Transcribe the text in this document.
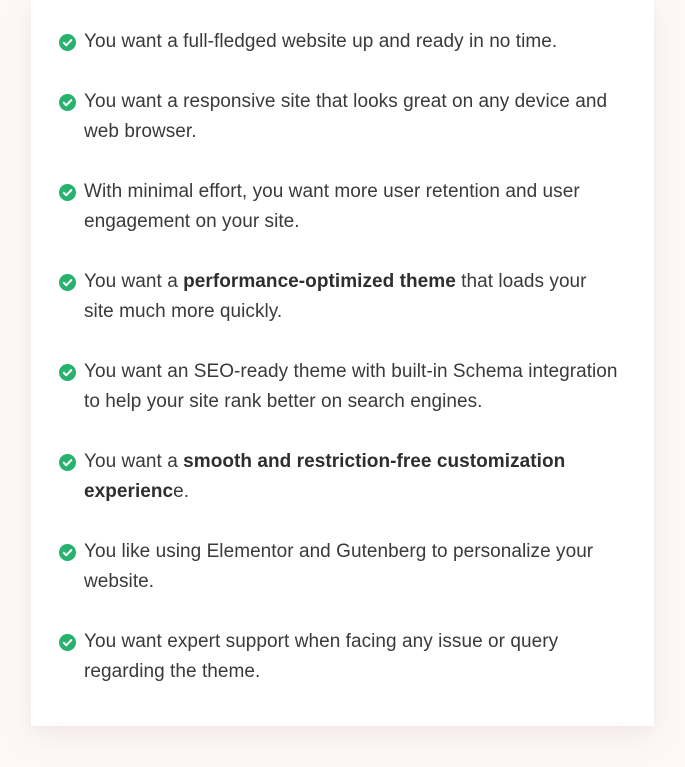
You want a full-fledged website up and ready in no time.
You want a responsive site that looks great on any device and web browser.
With minimal effort, you want more user retention and user engagement on your site.
You want a performance-optimized theme that loads your site much more quickly.
You want an SEO-ready theme with built-in Schema integration to help your site rank better on search engines.
You want a smooth and restriction-free customization experience.
You like using Elementor and Gutenberg to personalize your website.
You want expert support when facing any issue or query regarding the theme.
